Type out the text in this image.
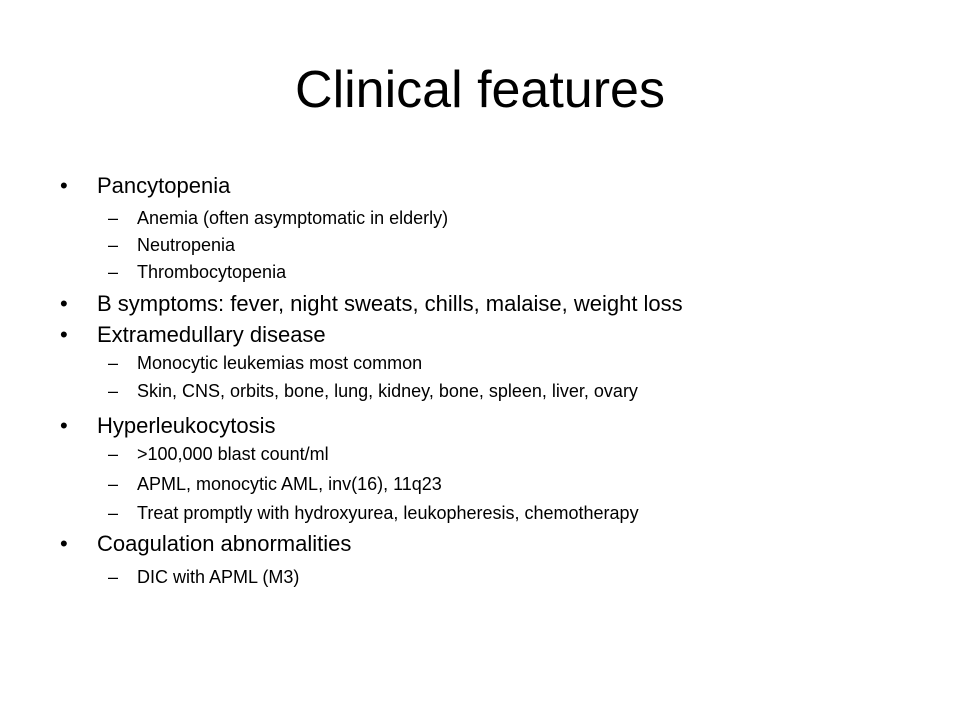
Clinical features
• Pancytopenia
– Anemia (often asymptomatic in elderly)
– Neutropenia
– Thrombocytopenia
• B symptoms: fever, night sweats, chills, malaise, weight loss
• Extramedullary disease
– Monocytic leukemias most common
– Skin, CNS, orbits, bone, lung, kidney, bone, spleen, liver, ovary
• Hyperleukocytosis
– >100,000 blast count/ml
– APML, monocytic AML, inv(16), 11q23
– Treat promptly with hydroxyurea, leukopheresis, chemotherapy
• Coagulation abnormalities
– DIC with APML (M3)
